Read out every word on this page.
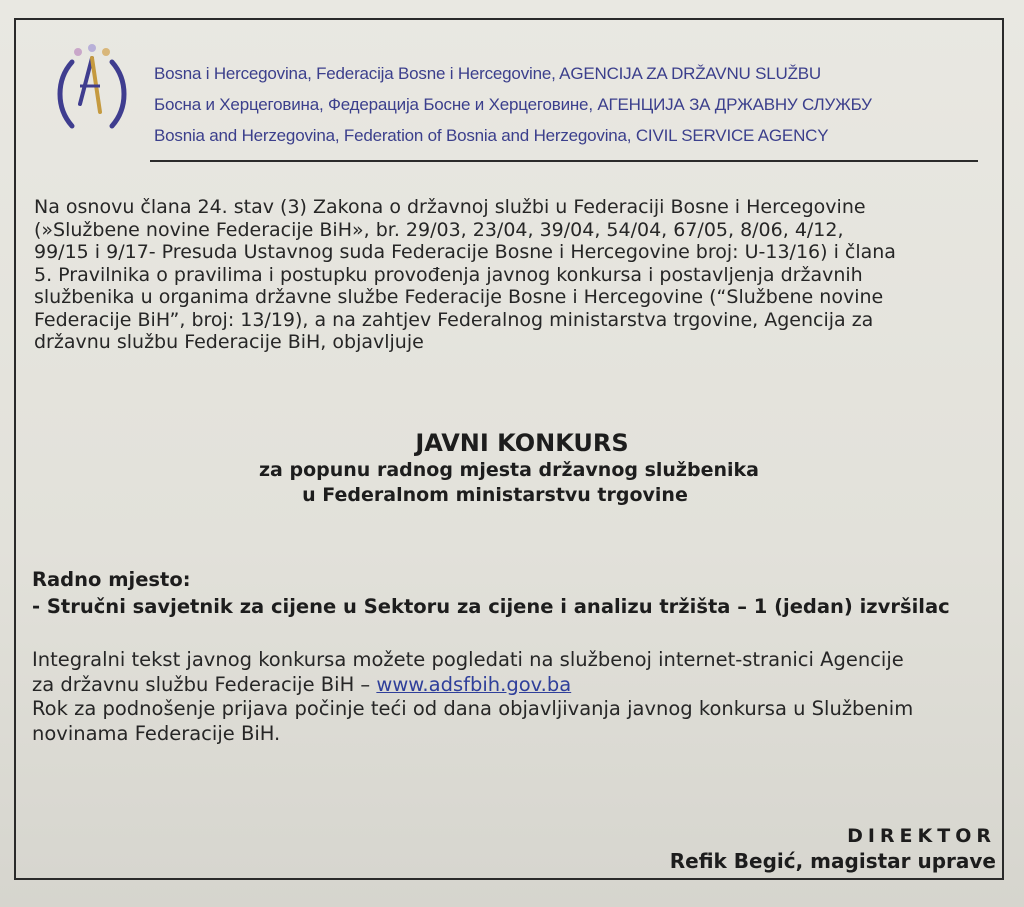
Bosna i Hercegovina, Federacija Bosne i Hercegovine, AGENCIJA ZA DRŽAVNU SLUŽBU
Босна и Херцеговина, Федерација Босне и Херцеговине, АГЕНЦИЈА ЗА ДРЖАВНУ СЛУЖБУ
Bosnia and Herzegovina, Federation of Bosnia and Herzegovina, CIVIL SERVICE AGENCY
Na osnovu člana 24. stav (3) Zakona o državnoj službi u Federaciji Bosne i Hercegovine
(»Službene novine Federacije BiH», br. 29/03, 23/04, 39/04, 54/04, 67/05, 8/06, 4/12,
99/15 i 9/17- Presuda Ustavnog suda Federacije Bosne i Hercegovine broj: U-13/16) i člana
5. Pravilnika o pravilima i postupku provođenja javnog konkursa i postavljenja državnih
službenika u organima državne službe Federacije Bosne i Hercegovine (“Službene novine
Federacije BiH”, broj: 13/19), a na zahtjev Federalnog ministarstva trgovine, Agencija za
državnu službu Federacije BiH, objavljuje
JAVNI KONKURS
za popunu radnog mjesta državnog službenika
u Federalnom ministarstvu trgovine
Radno mjesto:
- Stručni savjetnik za cijene u Sektoru za cijene i analizu tržišta – 1 (jedan) izvršilac
Integralni tekst javnog konkursa možete pogledati na službenoj internet-stranici Agencije
za državnu službu Federacije BiH – www.adsfbih.gov.ba
Rok za podnošenje prijava počinje teći od dana objavljivanja javnog konkursa u Službenim
novinama Federacije BiH.
DIREKTOR
Refik Begić, magistar uprave
